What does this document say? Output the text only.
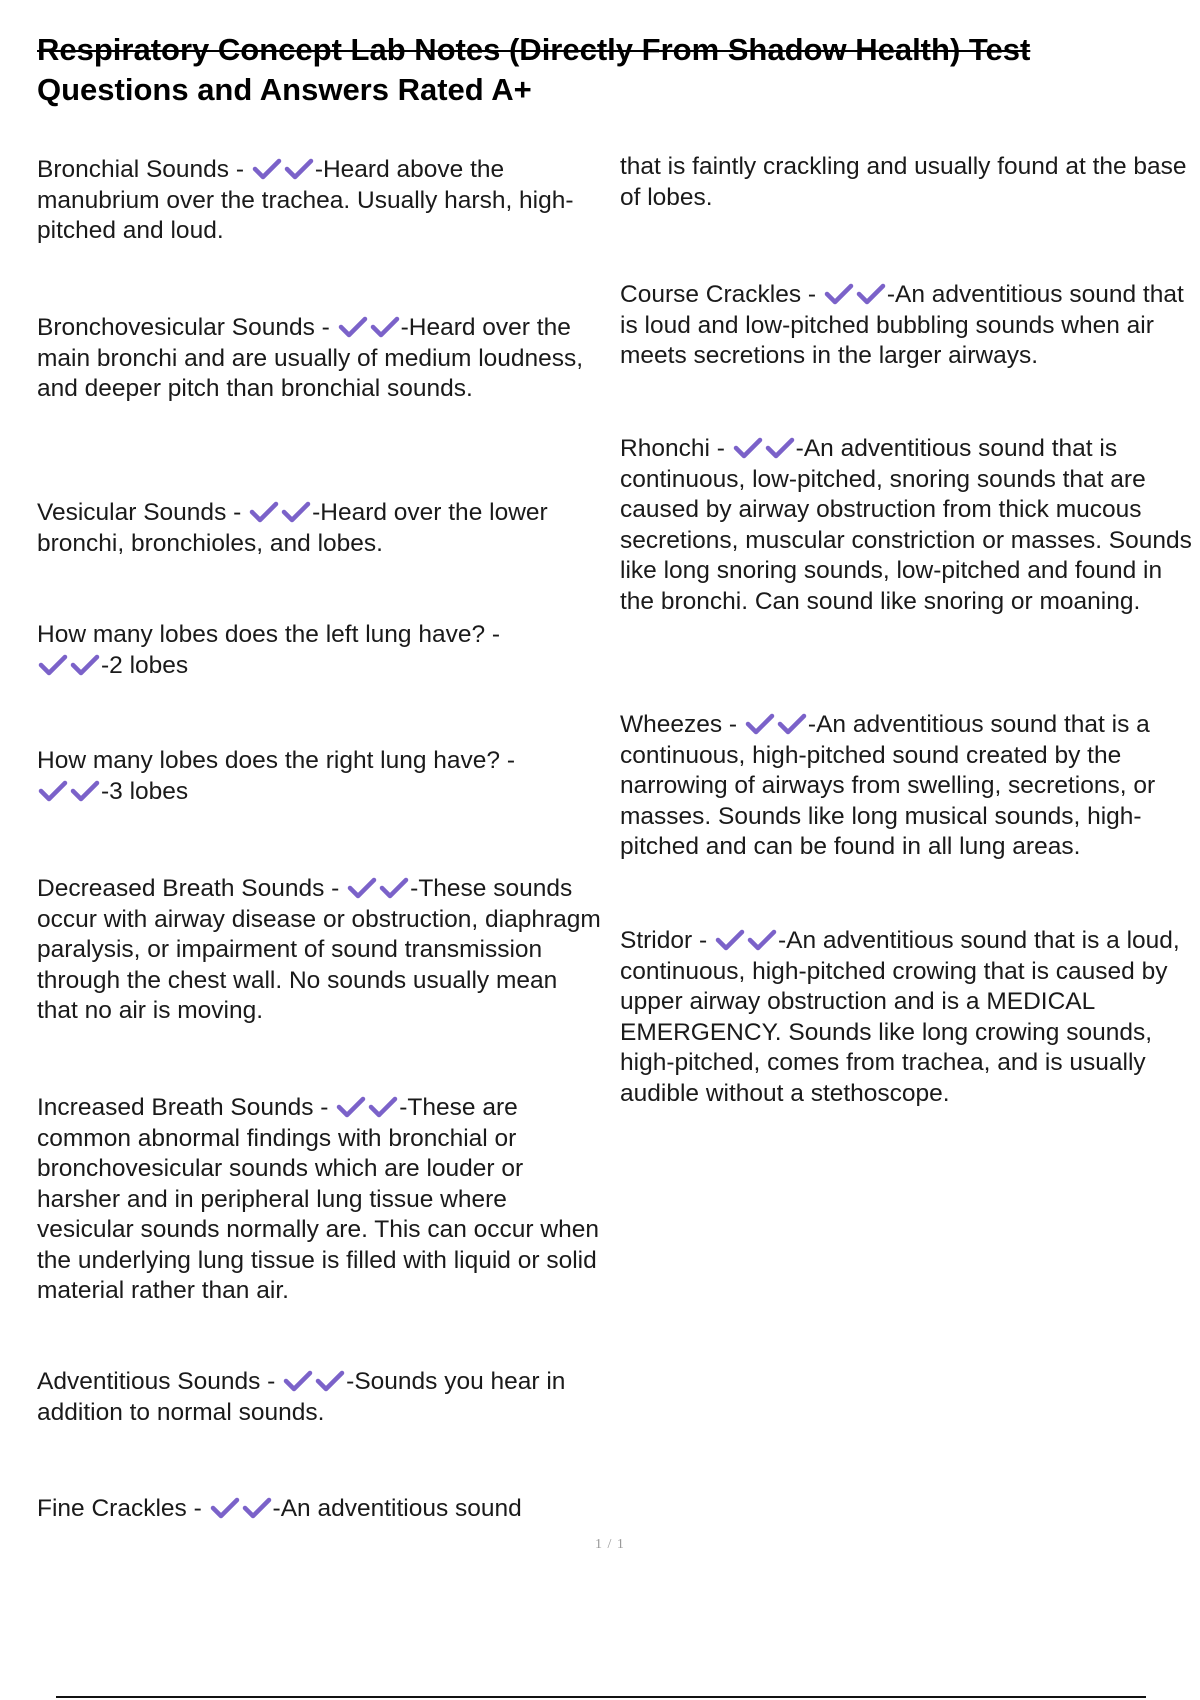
Respiratory Concept Lab Notes (Directly From Shadow Health) Test
Questions and Answers Rated A+
Bronchial Sounds -	-Heard above the manubrium over the trachea. Usually harsh, high-pitched and loud.
Bronchovesicular Sounds -	-Heard over the main bronchi and are usually of medium loudness, and deeper pitch than bronchial sounds.
Vesicular Sounds -	-Heard over the lower bronchi, bronchioles, and lobes.
How many lobes does the left lung have? -

-2 lobes
How many lobes does the right lung have? -

-3 lobes
Decreased Breath Sounds -	-These sounds occur with airway disease or obstruction, diaphragm paralysis, or impairment of sound transmission through the chest wall. No sounds usually mean that no air is moving.
Increased Breath Sounds -	-These are common abnormal findings with bronchial or bronchovesicular sounds which are louder or harsher and in peripheral lung tissue where vesicular sounds normally are. This can occur when the underlying lung tissue is filled with liquid or solid material rather than air.
Adventitious Sounds -	-Sounds you hear in addition to normal sounds.
Fine Crackles -	-An adventitious sound
that is faintly crackling and usually found at the base of lobes.
Course Crackles -	-An adventitious sound that is loud and low-pitched bubbling sounds when air meets secretions in the larger airways.
Rhonchi -	-An adventitious sound that is continuous, low-pitched, snoring sounds that are caused by airway obstruction from thick mucous secretions, muscular constriction or masses. Sounds like long snoring sounds, low-pitched and found in the bronchi. Can sound like snoring or moaning.
Wheezes -	-An adventitious sound that is a continuous, high-pitched sound created by the narrowing of airways from swelling, secretions, or masses. Sounds like long musical sounds, high-pitched and can be found in all lung areas.
Stridor -	-An adventitious sound that is a loud, continuous, high-pitched crowing that is caused by upper airway obstruction and is a MEDICAL EMERGENCY. Sounds like long crowing sounds, high-pitched, comes from trachea, and is usually audible without a stethoscope.
1 / 1
